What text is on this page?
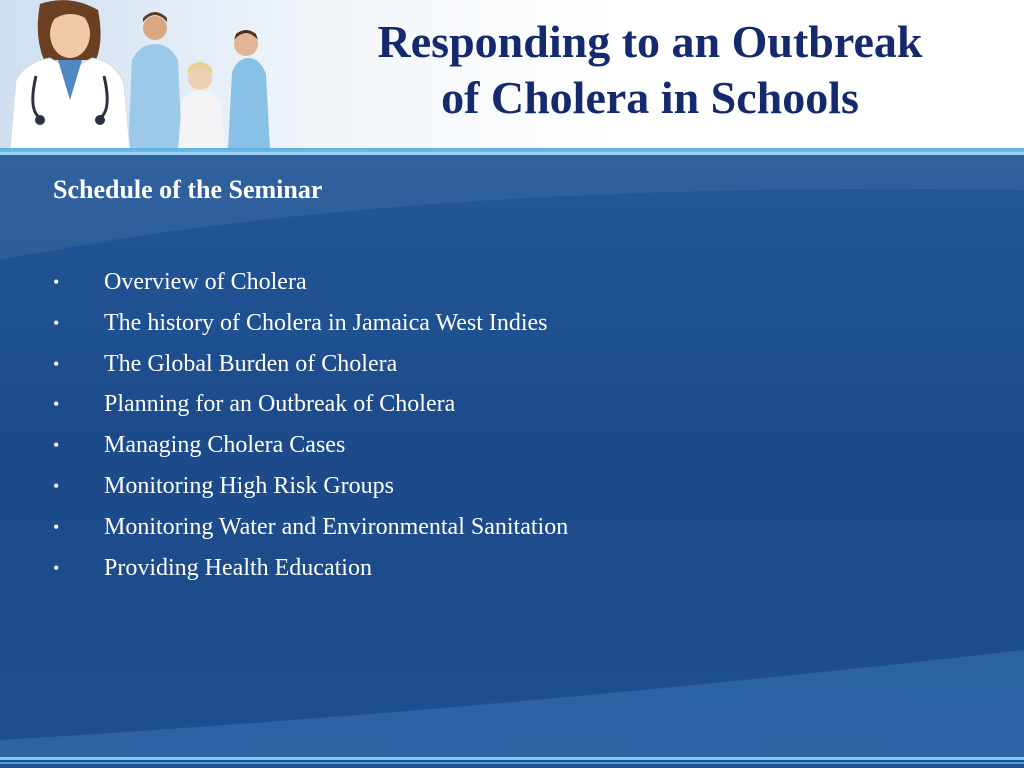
Responding to an Outbreak
of Cholera in Schools
Schedule of the Seminar
•	Overview of Cholera
•	The history of Cholera in Jamaica West Indies
•	The Global Burden of Cholera
•	Planning for an Outbreak of Cholera
•	Managing Cholera Cases
•	Monitoring High Risk Groups
•	Monitoring Water and Environmental Sanitation
•	Providing Health Education
